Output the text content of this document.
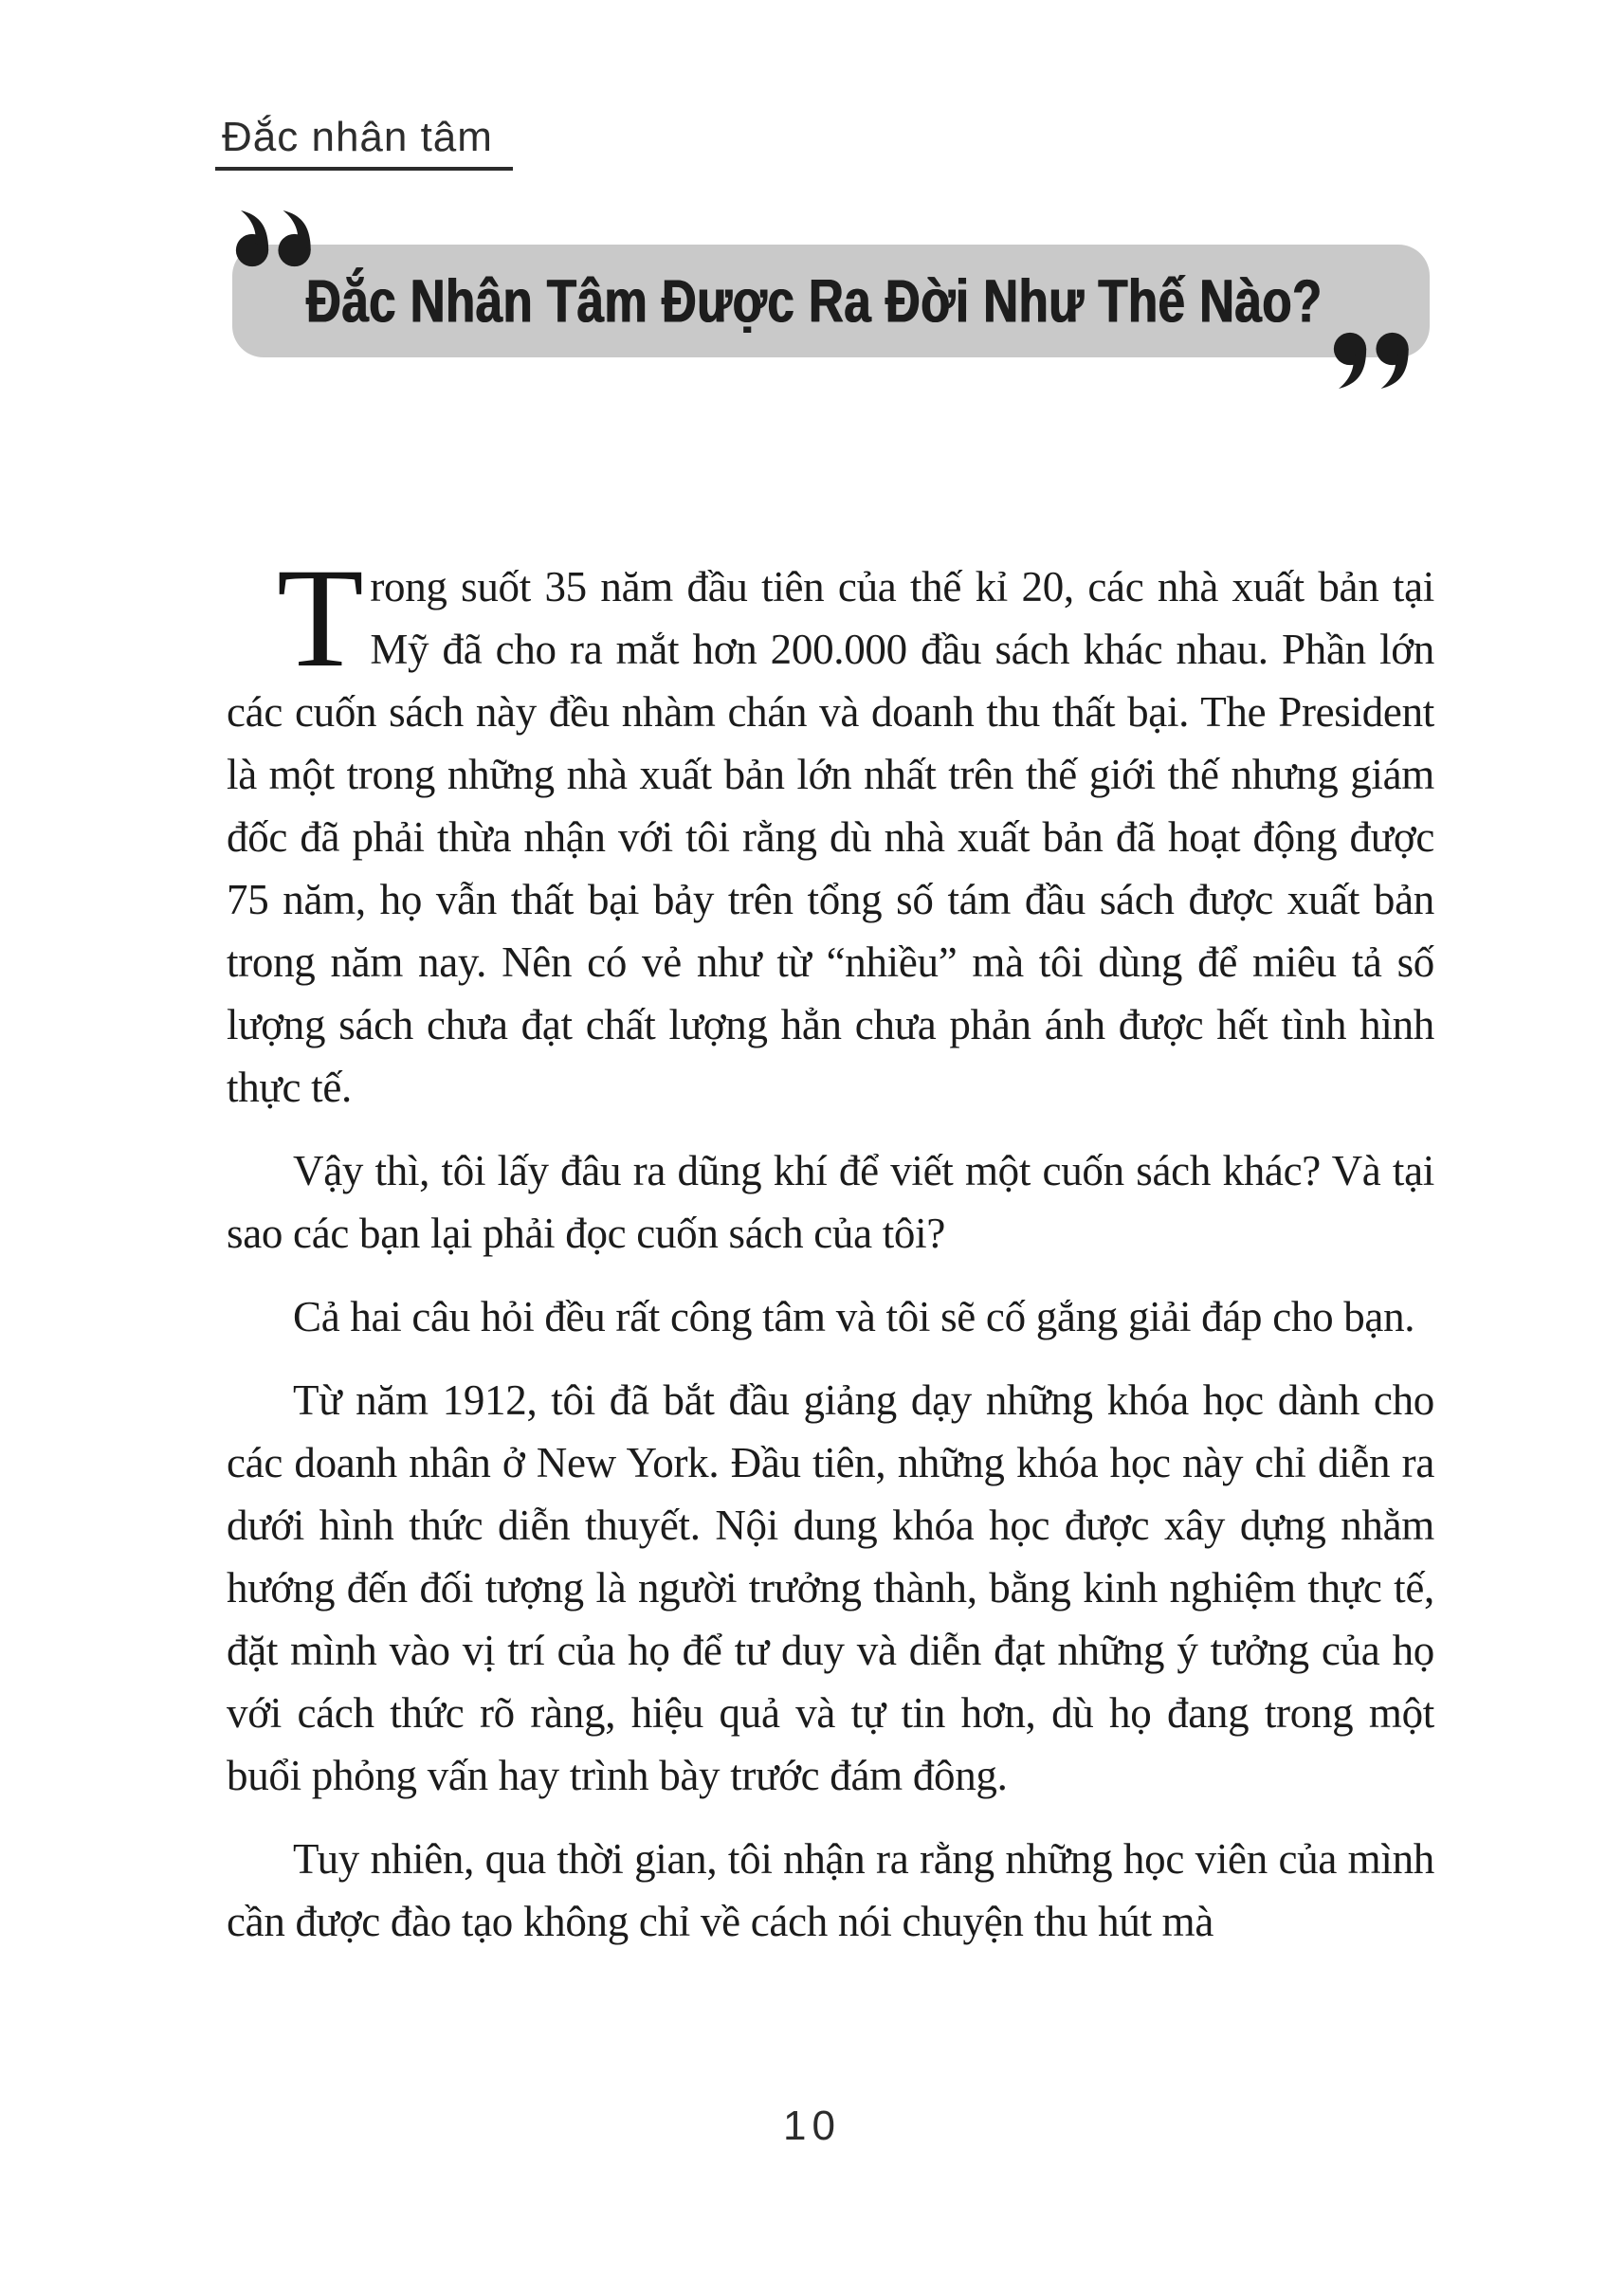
Đắc nhân tâm
Đắc Nhân Tâm Được Ra Đời Như Thế Nào?

Trong suốt 35 năm đầu tiên của thế kỉ 20, các nhà xuất bản tại Mỹ đã cho ra mắt hơn 200.000 đầu sách khác nhau. Phần lớn các cuốn sách này đều nhàm chán và doanh thu thất bại. The President là một trong những nhà xuất bản lớn nhất trên thế giới thế nhưng giám đốc đã phải thừa nhận với tôi rằng dù nhà xuất bản đã hoạt động được 75 năm, họ vẫn thất bại bảy trên tổng số tám đầu sách được xuất bản trong năm nay. Nên có vẻ như từ “nhiều” mà tôi dùng để miêu tả số lượng sách chưa đạt chất lượng hẳn chưa phản ánh được hết tình hình thực tế.

Vậy thì, tôi lấy đâu ra dũng khí để viết một cuốn sách khác? Và tại sao các bạn lại phải đọc cuốn sách của tôi?

Cả hai câu hỏi đều rất công tâm và tôi sẽ cố gắng giải đáp cho bạn.

Từ năm 1912, tôi đã bắt đầu giảng dạy những khóa học dành cho các doanh nhân ở New York. Đầu tiên, những khóa học này chỉ diễn ra dưới hình thức diễn thuyết. Nội dung khóa học được xây dựng nhằm hướng đến đối tượng là người trưởng thành, bằng kinh nghiệm thực tế, đặt mình vào vị trí của họ để tư duy và diễn đạt những ý tưởng của họ với cách thức rõ ràng, hiệu quả và tự tin hơn, dù họ đang trong một buổi phỏng vấn hay trình bày trước đám đông.

Tuy nhiên, qua thời gian, tôi nhận ra rằng những học viên của mình cần được đào tạo không chỉ về cách nói chuyện thu hút mà

10
